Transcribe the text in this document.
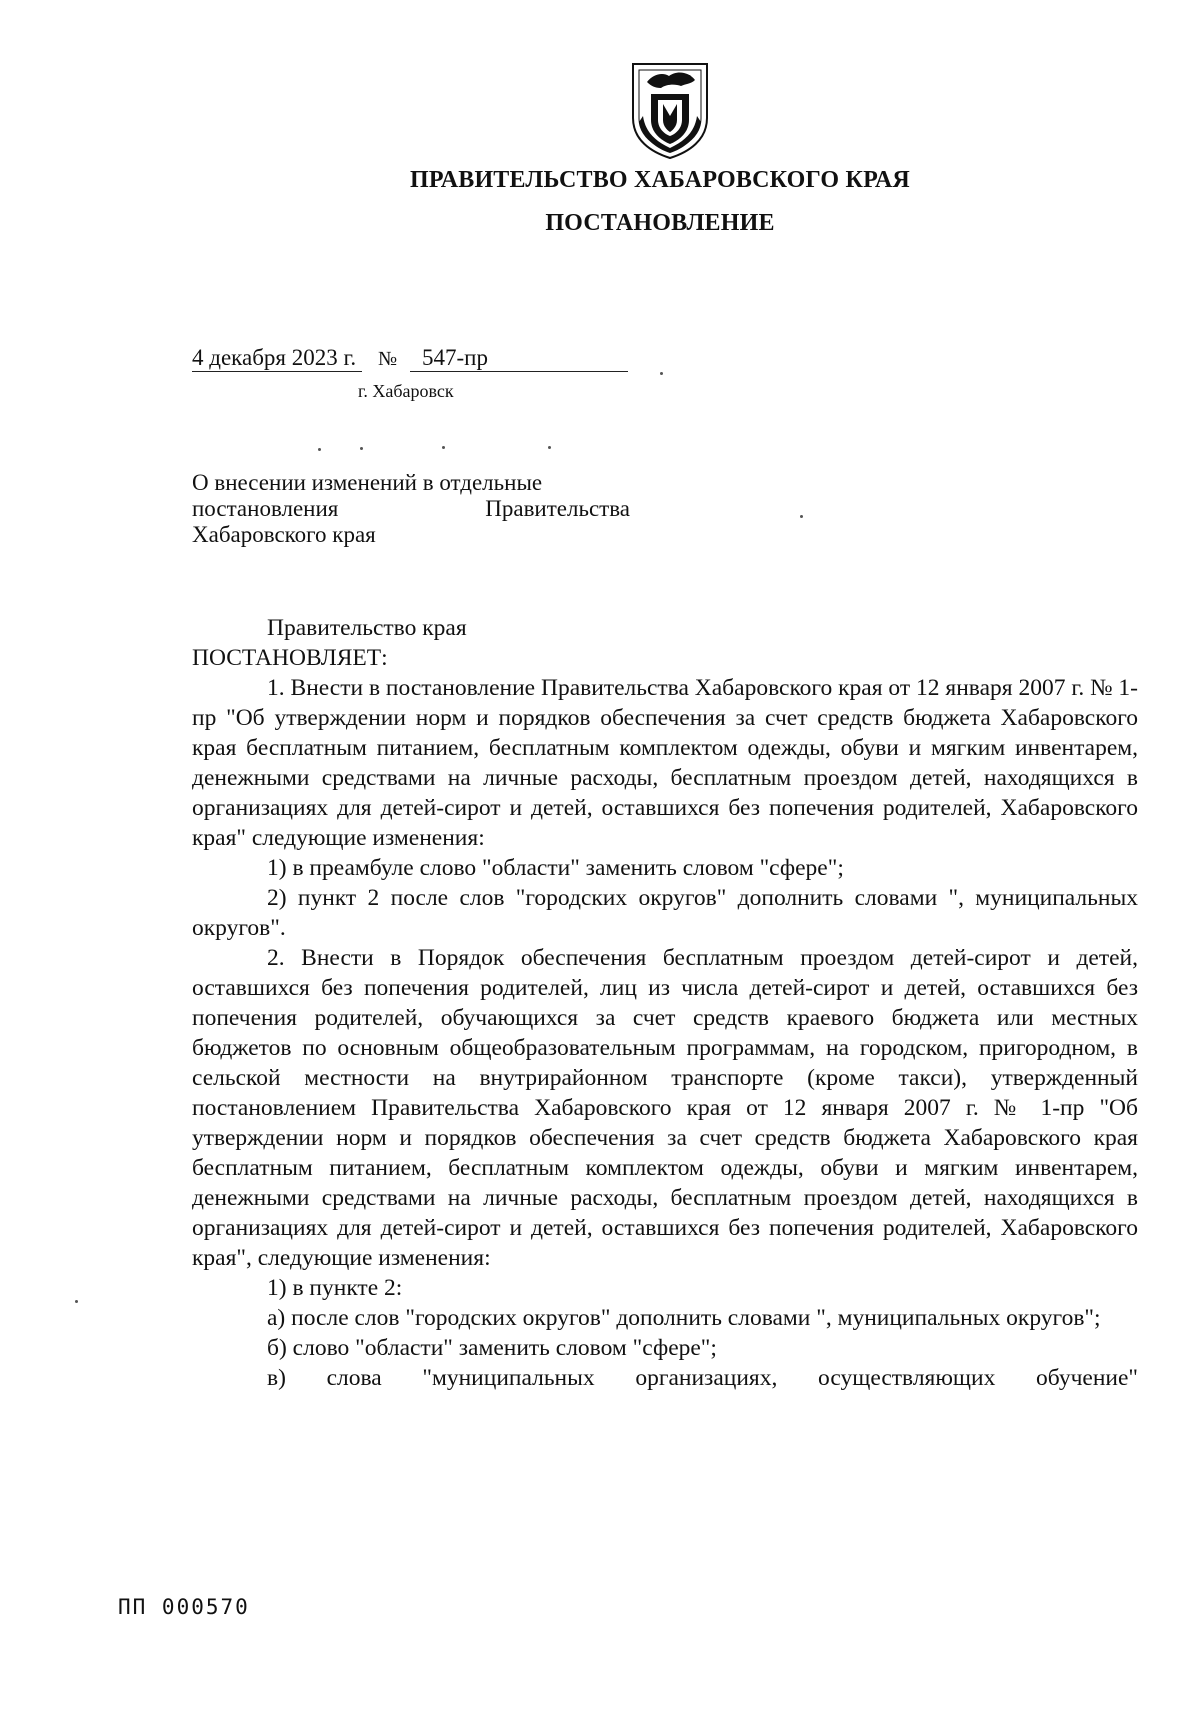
ПРАВИТЕЛЬСТВО ХАБАРОВСКОГО КРАЯ
ПОСТАНОВЛЕНИЕ
4 декабря 2023 г.	№	547-пр
г. Хабаровск
О внесении изменений в отдельные
постановления	Правительства
Хабаровского края

Правительство края

ПОСТАНОВЛЯЕТ:

1. Внести в постановление Правительства Хабаровского края от 12 января 2007 г. № 1-пр "Об утверждении норм и порядков обеспечения за счет средств бюджета Хабаровского края бесплатным питанием, бесплатным комплектом одежды, обуви и мягким инвентарем, денежными средствами на личные расходы, бесплатным проездом детей, находящихся в организациях для детей-сирот и детей, оставшихся без попечения родителей, Хабаровского края" следующие изменения:

1) в преамбуле слово "области" заменить словом "сфере";

2) пункт 2 после слов "городских округов" дополнить словами ", муниципальных округов".

2. Внести в Порядок обеспечения бесплатным проездом детей-сирот и детей, оставшихся без попечения родителей, лиц из числа детей-сирот и детей, оставшихся без попечения родителей, обучающихся за счет средств краевого бюджета или местных бюджетов по основным общеобразовательным программам, на городском, пригородном, в сельской местности на внутрирайонном транспорте (кроме такси), утвержденный постановлением Правительства Хабаровского края от 12 января 2007 г. № 1-пр "Об утверждении норм и порядков обеспечения за счет средств бюджета Хабаровского края бесплатным питанием, бесплатным комплектом одежды, обуви и мягким инвентарем, денежными средствами на личные расходы, бесплатным проездом детей, находящихся в организациях для детей-сирот и детей, оставшихся без попечения родителей, Хабаровского края", следующие изменения:

1) в пункте 2:

а) после слов "городских округов" дополнить словами ", муниципальных округов";

б) слово "области" заменить словом "сфере";

в) слова "муниципальных организациях, осуществляющих обучение"

ПП 000570
